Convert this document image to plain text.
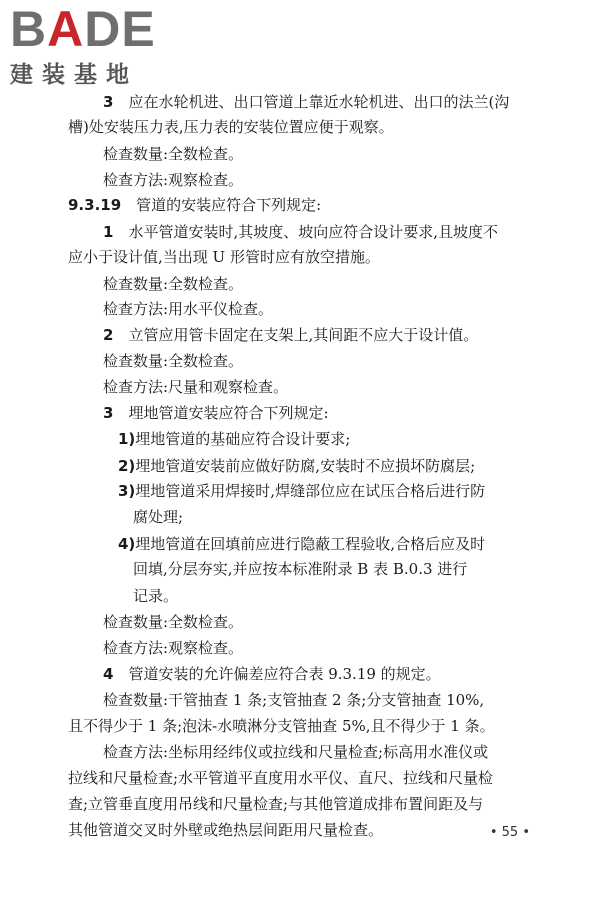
B A DE
建装基地
3  应在水轮机进、出口管道上靠近水轮机进、出口的法兰(沟
槽)处安装压力表,压力表的安装位置应便于观察。
检查数量:全数检查。
检查方法:观察检查。
9.3.19  管道的安装应符合下列规定:
1  水平管道安装时,其坡度、坡向应符合设计要求,且坡度不
应小于设计值,当出现 U 形管时应有放空措施。
检查数量:全数检查。
检查方法:用水平仪检查。
2  立管应用管卡固定在支架上,其间距不应大于设计值。
检查数量:全数检查。
检查方法:尺量和观察检查。
3  埋地管道安装应符合下列规定:
1)埋地管道的基础应符合设计要求;
2)埋地管道安装前应做好防腐,安装时不应损坏防腐层;
3)埋地管道采用焊接时,焊缝部位应在试压合格后进行防
腐处理;
4)埋地管道在回填前应进行隐蔽工程验收,合格后应及时
回填,分层夯实,并应按本标准附录 B 表 B.0.3 进行
记录。
检查数量:全数检查。
检查方法:观察检查。
4  管道安装的允许偏差应符合表 9.3.19 的规定。
检查数量:干管抽查 1 条;支管抽查 2 条;分支管抽查 10%,
且不得少于 1 条;泡沫-水喷淋分支管抽查 5%,且不得少于 1 条。
检查方法:坐标用经纬仪或拉线和尺量检查;标高用水准仪或
拉线和尺量检查;水平管道平直度用水平仪、直尺、拉线和尺量检
查;立管垂直度用吊线和尺量检查;与其他管道成排布置间距及与
其他管道交叉时外壁或绝热层间距用尺量检查。	• 55 •
